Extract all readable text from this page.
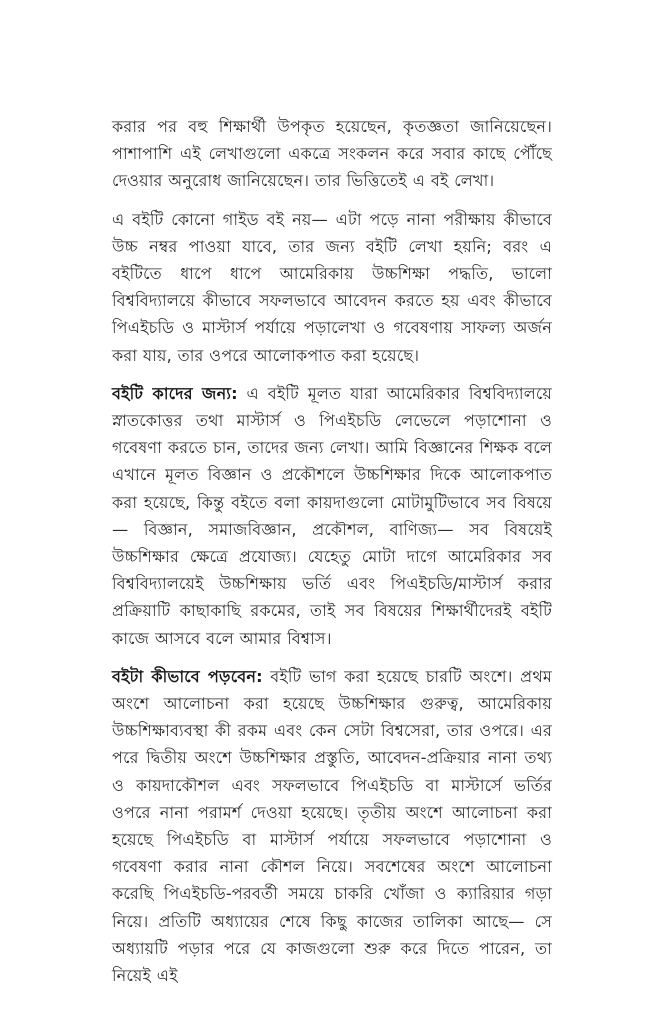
করার পর বহু শিক্ষার্থী উপকৃত হয়েছেন, কৃতজ্ঞতা জানিয়েছেন। পাশাপাশি এই লেখাগুলো একত্রে সংকলন করে সবার কাছে পৌঁছে দেওয়ার অনুরোধ জানিয়েছেন। তার ভিত্তিতেই এ বই লেখা।

এ বইটি কোনো গাইড বই নয়— এটা পড়ে নানা পরীক্ষায় কীভাবে উচ্চ নম্বর পাওয়া যাবে, তার জন্য বইটি লেখা হয়নি; বরং এ বইটিতে ধাপে ধাপে আমেরিকায় উচ্চশিক্ষা পদ্ধতি, ভালো বিশ্ববিদ্যালয়ে কীভাবে সফলভাবে আবেদন করতে হয় এবং কীভাবে পিএইচডি ও মাস্টার্স পর্যায়ে পড়ালেখা ও গবেষণায় সাফল্য অর্জন করা যায়, তার ওপরে আলোকপাত করা হয়েছে।

বইটি কাদের জন্য: এ বইটি মূলত যারা আমেরিকার বিশ্ববিদ্যালয়ে স্নাতকোত্তর তথা মাস্টার্স ও পিএইচডি লেভেলে পড়াশোনা ও গবেষণা করতে চান, তাদের জন্য লেখা। আমি বিজ্ঞানের শিক্ষক বলে এখানে মূলত বিজ্ঞান ও প্রকৌশলে উচ্চশিক্ষার দিকে আলোকপাত করা হয়েছে, কিন্তু বইতে বলা কায়দাগুলো মোটামুটিভাবে সব বিষয়ে— বিজ্ঞান, সমাজবিজ্ঞান, প্রকৌশল, বাণিজ্য— সব বিষয়েই উচ্চশিক্ষার ক্ষেত্রে প্রযোজ্য। যেহেতু মোটা দাগে আমেরিকার সব বিশ্ববিদ্যালয়েই উচ্চশিক্ষায় ভর্তি এবং পিএইচডি/মাস্টার্স করার প্রক্রিয়াটি কাছাকাছি রকমের, তাই সব বিষয়ের শিক্ষার্থীদেরই বইটি কাজে আসবে বলে আমার বিশ্বাস।

বইটা কীভাবে পড়বেন: বইটি ভাগ করা হয়েছে চারটি অংশে। প্রথম অংশে আলোচনা করা হয়েছে উচ্চশিক্ষার গুরুত্ব, আমেরিকায় উচ্চশিক্ষাব্যবস্থা কী রকম এবং কেন সেটা বিশ্বসেরা, তার ওপরে। এর পরে দ্বিতীয় অংশে উচ্চশিক্ষার প্রস্তুতি, আবেদন-প্রক্রিয়ার নানা তথ্য ও কায়দাকৌশল এবং সফলভাবে পিএইচডি বা মাস্টার্সে ভর্তির ওপরে নানা পরামর্শ দেওয়া হয়েছে। তৃতীয় অংশে আলোচনা করা হয়েছে পিএইচডি বা মাস্টার্স পর্যায়ে সফলভাবে পড়াশোনা ও গবেষণা করার নানা কৌশল নিয়ে। সবশেষের অংশে আলোচনা করেছি পিএইচডি-পরবর্তী সময়ে চাকরি খোঁজা ও ক্যারিয়ার গড়া নিয়ে। প্রতিটি অধ্যায়ের শেষে কিছু কাজের তালিকা আছে— সে অধ্যায়টি পড়ার পরে যে কাজগুলো শুরু করে দিতে পারেন, তা নিয়েই এই
